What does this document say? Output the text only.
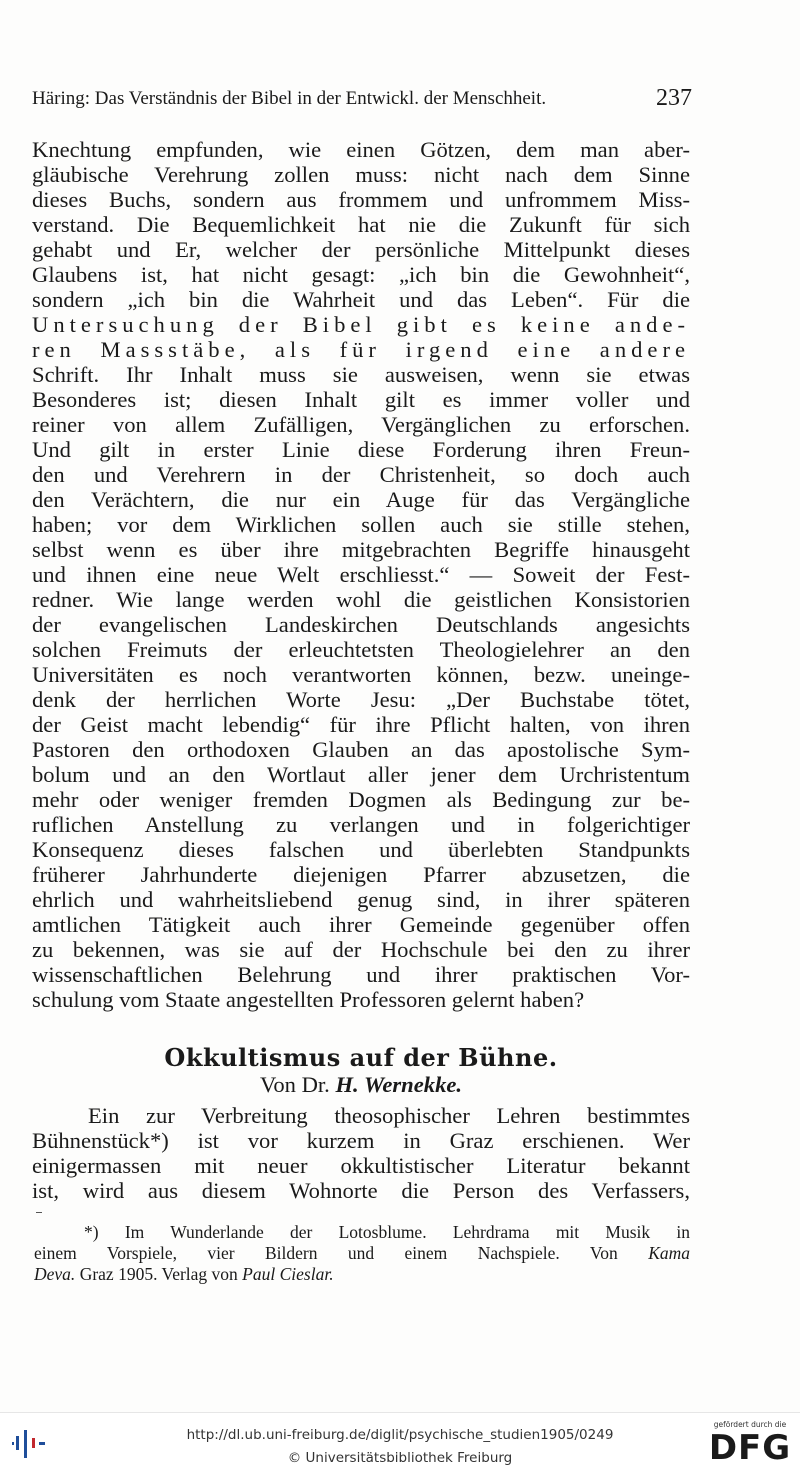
Häring: Das Verständnis der Bibel in der Entwickl. der Menschheit.	237
Knechtung empfunden, wie einen Götzen, dem man aber-
gläubische Verehrung zollen muss: nicht nach dem Sinne
dieses Buchs, sondern aus frommem und unfrommem Miss-
verstand. Die Bequemlichkeit hat nie die Zukunft für sich
gehabt und Er, welcher der persönliche Mittelpunkt dieses
Glaubens ist, hat nicht gesagt: „ich bin die Gewohnheit“,
sondern „ich bin die Wahrheit und das Leben“. Für die
Untersuchung der Bibel gibt es keine ande-
ren Massstäbe, als für irgend eine andere
Schrift. Ihr Inhalt muss sie ausweisen, wenn sie etwas
Besonderes ist; diesen Inhalt gilt es immer voller und
reiner von allem Zufälligen, Vergänglichen zu erforschen.
Und gilt in erster Linie diese Forderung ihren Freun-
den und Verehrern in der Christenheit, so doch auch
den Verächtern, die nur ein Auge für das Vergängliche
haben; vor dem Wirklichen sollen auch sie stille stehen,
selbst wenn es über ihre mitgebrachten Begriffe hinausgeht
und ihnen eine neue Welt erschliesst.“ — Soweit der Fest-
redner. Wie lange werden wohl die geistlichen Konsistorien
der evangelischen Landeskirchen Deutschlands angesichts
solchen Freimuts der erleuchtetsten Theologielehrer an den
Universitäten es noch verantworten können, bezw. uneinge-
denk der herrlichen Worte Jesu: „Der Buchstabe tötet,
der Geist macht lebendig“ für ihre Pflicht halten, von ihren
Pastoren den orthodoxen Glauben an das apostolische Sym-
bolum und an den Wortlaut aller jener dem Urchristentum
mehr oder weniger fremden Dogmen als Bedingung zur be-
ruflichen Anstellung zu verlangen und in folgerichtiger
Konsequenz dieses falschen und überlebten Standpunkts
früherer Jahrhunderte diejenigen Pfarrer abzusetzen, die
ehrlich und wahrheitsliebend genug sind, in ihrer späteren
amtlichen Tätigkeit auch ihrer Gemeinde gegenüber offen
zu bekennen, was sie auf der Hochschule bei den zu ihrer
wissenschaftlichen Belehrung und ihrer praktischen Vor-
schulung vom Staate angestellten Professoren gelernt haben?
Okkultismus auf der Bühne.
Von Dr. H. Wernekke.
Ein zur Verbreitung theosophischer Lehren bestimmtes
Bühnenstück*) ist vor kurzem in Graz erschienen. Wer
einigermassen mit neuer okkultistischer Literatur bekannt
ist, wird aus diesem Wohnorte die Person des Verfassers,
*) Im Wunderlande der Lotosblume. Lehrdrama mit Musik in
einem Vorspiele, vier Bildern und einem Nachspiele. Von Kama
Deva. Graz 1905. Verlag von Paul Cieslar.
http://dl.ub.uni-freiburg.de/diglit/psychische_studien1905/0249
© Universitätsbibliothek Freiburg
gefördert durch die
DFG
